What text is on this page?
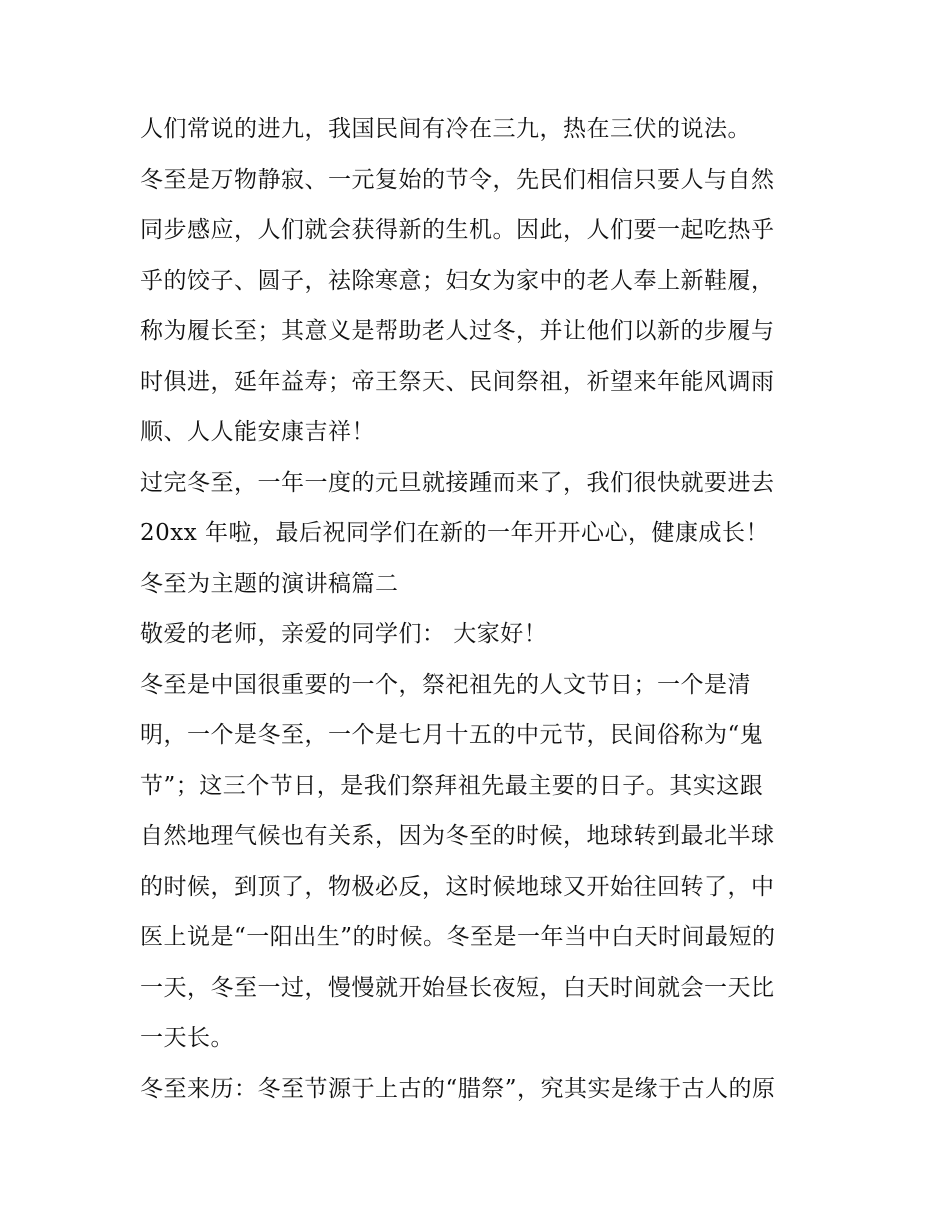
人们常说的进九，我国民间有冷在三九，热在三伏的说法。
冬至是万物静寂、一元复始的节令，先民们相信只要人与自然
同步感应，人们就会获得新的生机。因此，人们要一起吃热乎
乎的饺子、圆子，祛除寒意；妇女为家中的老人奉上新鞋履，
称为履长至；其意义是帮助老人过冬，并让他们以新的步履与
时俱进，延年益寿；帝王祭天、民间祭祖，祈望来年能风调雨
顺、人人能安康吉祥！
过完冬至，一年一度的元旦就接踵而来了，我们很快就要进去
20xx 年啦，最后祝同学们在新的一年开开心心，健康成长！
冬至为主题的演讲稿篇二
敬爱的老师，亲爱的同学们： 大家好！
冬至是中国很重要的一个，祭祀祖先的人文节日；一个是清
明，一个是冬至，一个是七月十五的中元节，民间俗称为“鬼
节”；这三个节日，是我们祭拜祖先最主要的日子。其实这跟
自然地理气候也有关系，因为冬至的时候，地球转到最北半球
的时候，到顶了，物极必反，这时候地球又开始往回转了，中
医上说是“一阳出生”的时候。冬至是一年当中白天时间最短的
一天，冬至一过，慢慢就开始昼长夜短，白天时间就会一天比
一天长。
冬至来历：冬至节源于上古的“腊祭”，究其实是缘于古人的原
